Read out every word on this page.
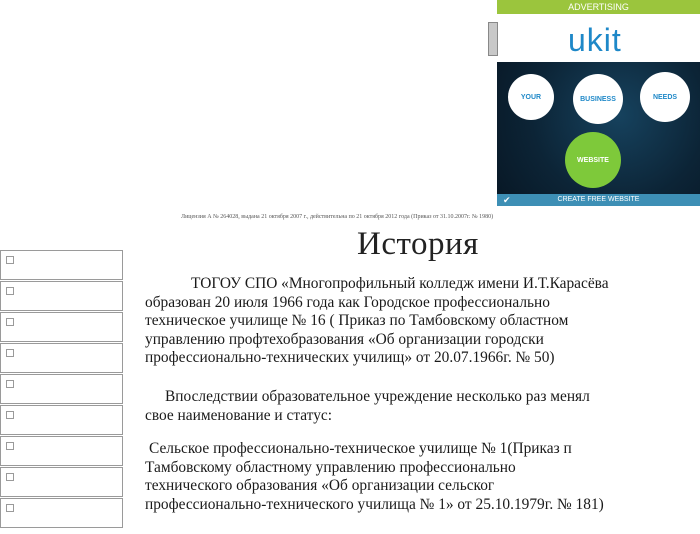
ADVERTISING
ukit
YOUR	BUSINESS	NEEDS
WEBSITE
✔	CREATE FREE WEBSITE
Лицензия А № 264028, выдана 21 октября 2007 г., действительна по 21 октября 2012 года (Приказ от 31.10.2007г. № 1980)
История
ТОГОУ СПО «Многопрофильный колледж имени И.Т.Карасёва
образован 20 июля 1966 года как Городское профессионально
техническое училище № 16 ( Приказ по Тамбовскому областном
управлению профтехобразования «Об организации городски
профессионально-технических училищ» от 20.07.1966г. № 50)
Впоследствии образовательное учреждение несколько раз менял
свое наименование и статус:
Сельское профессионально-техническое училище № 1(Приказ п
Тамбовскому областному управлению профессионально
технического образования «Об организации сельског
профессионально-технического училища № 1» от 25.10.1979г. № 181)
